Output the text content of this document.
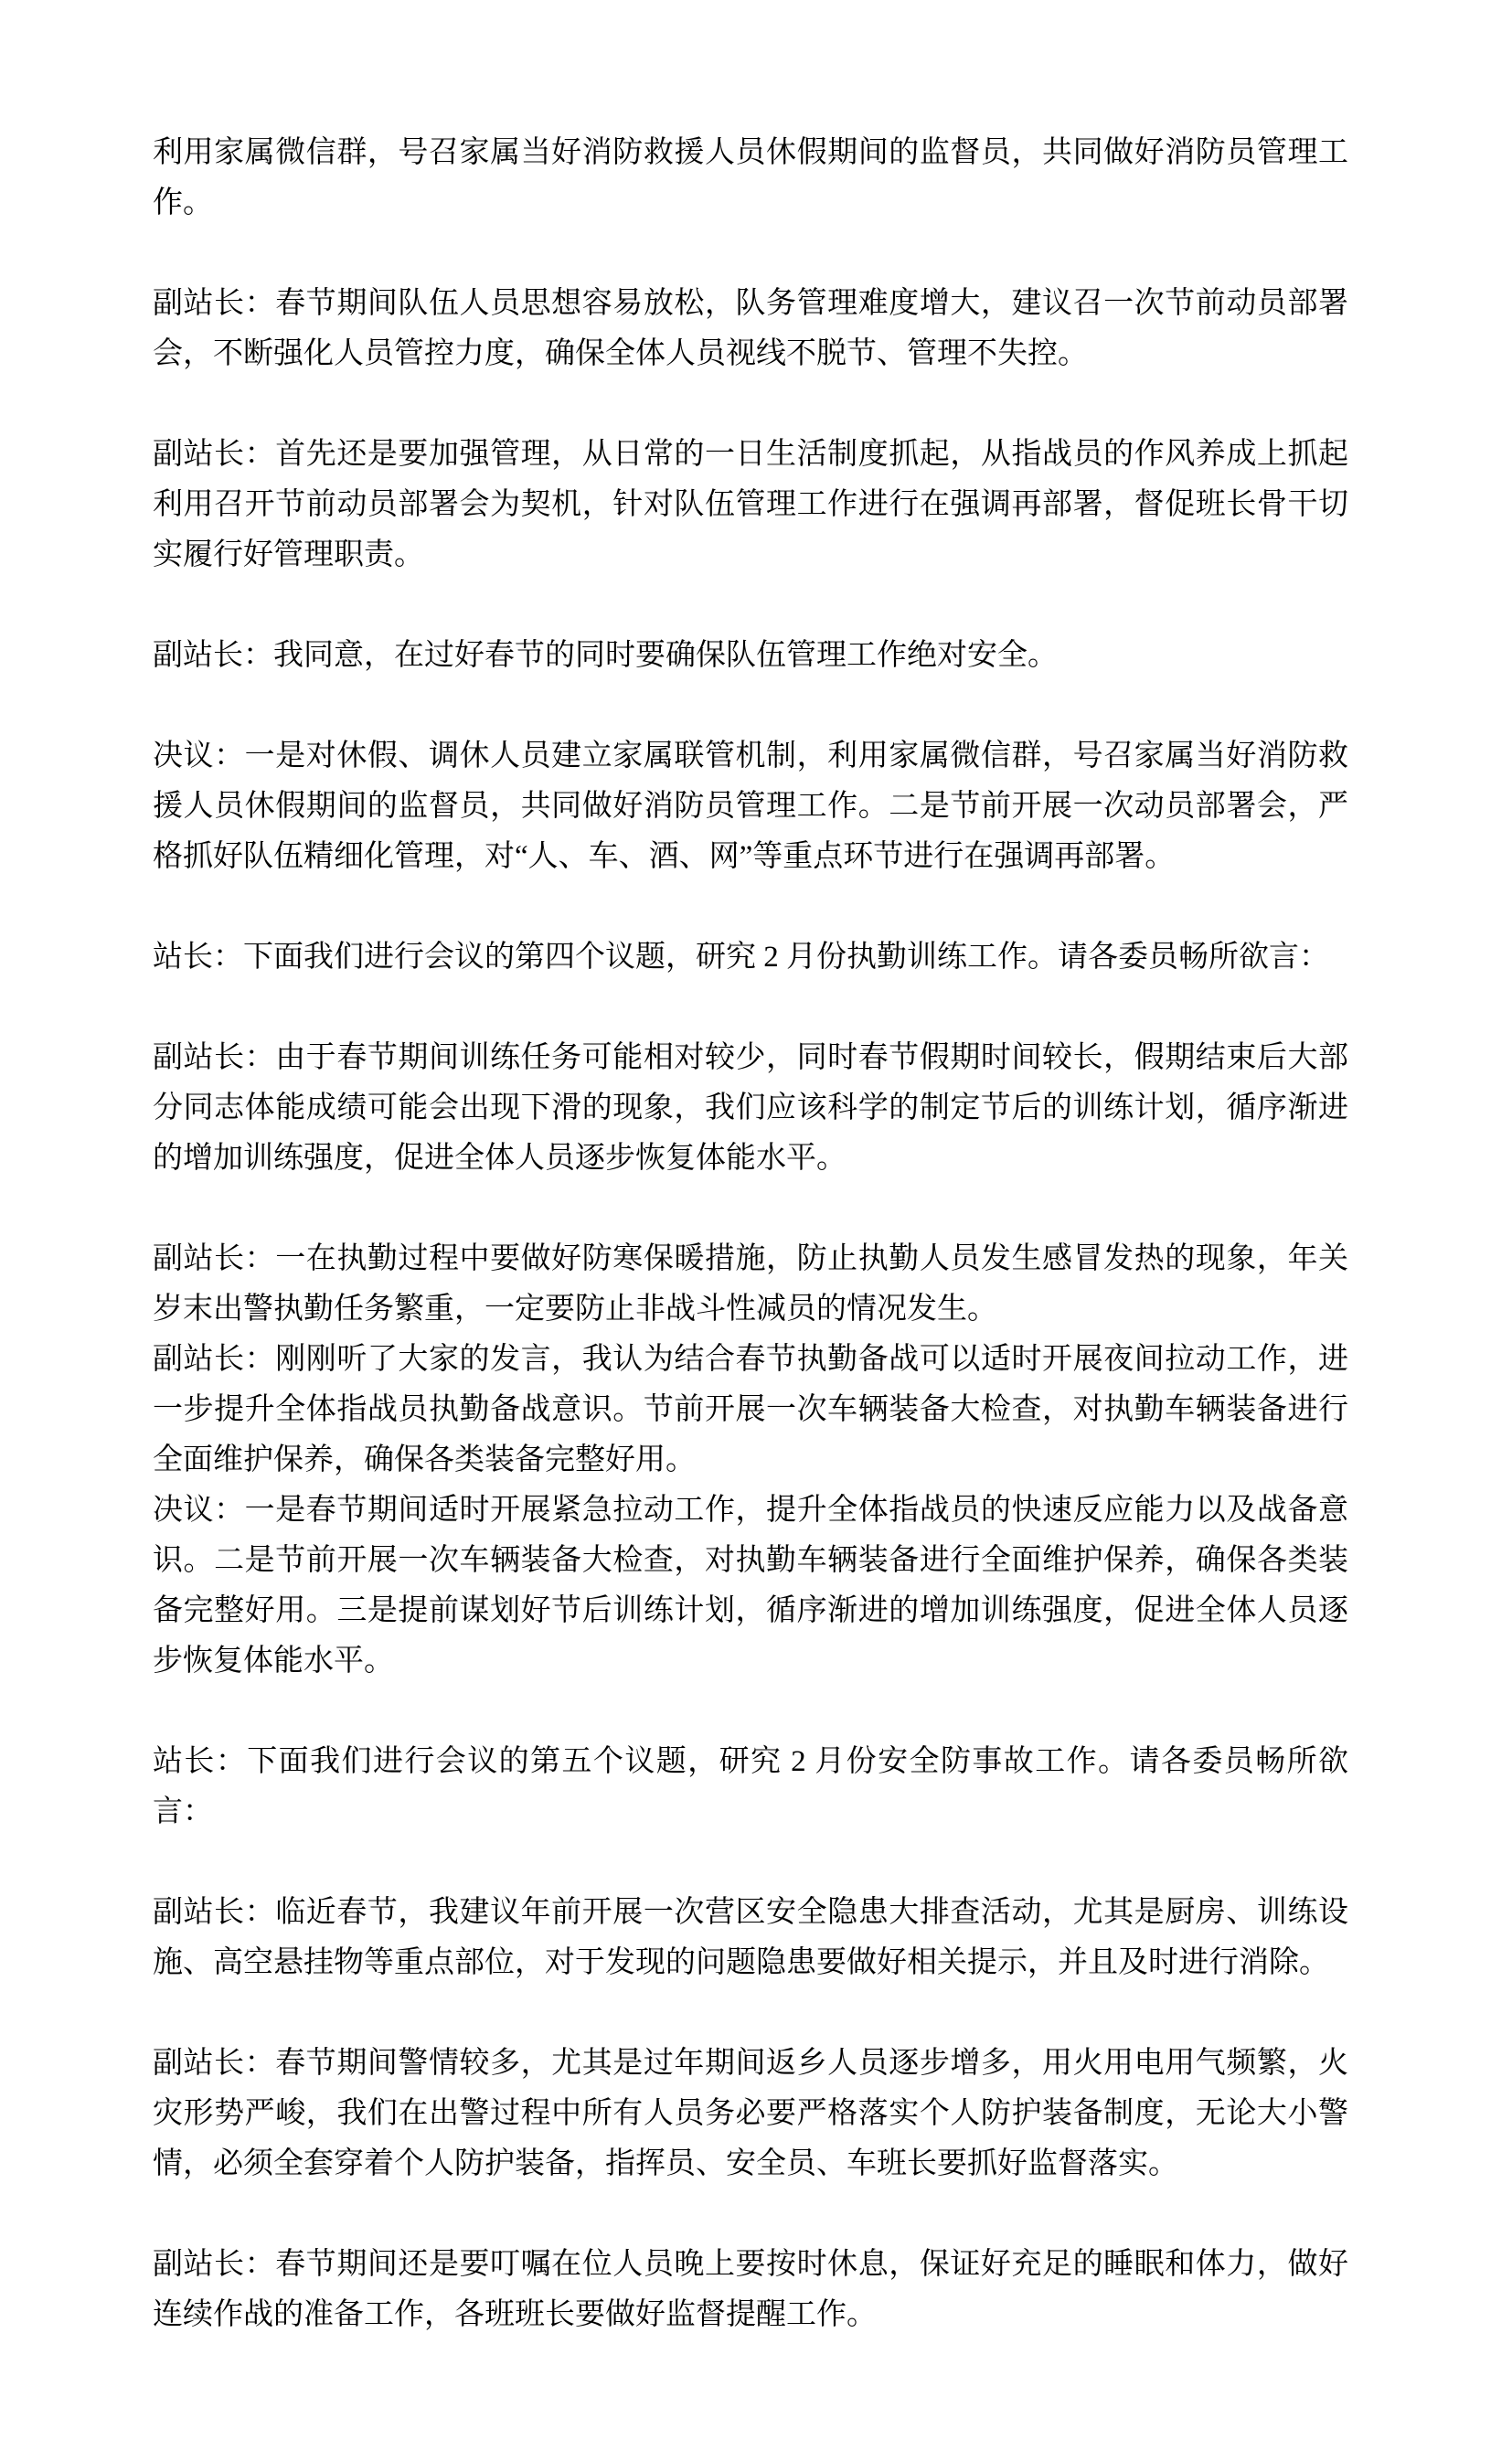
利用家属微信群，号召家属当好消防救援人员休假期间的监督员，共同做好消防员管理工作。

副站长：春节期间队伍人员思想容易放松，队务管理难度增大，建议召一次节前动员部署会，不断强化人员管控力度，确保全体人员视线不脱节、管理不失控。

副站长：首先还是要加强管理，从日常的一日生活制度抓起，从指战员的作风养成上抓起利用召开节前动员部署会为契机，针对队伍管理工作进行在强调再部署，督促班长骨干切实履行好管理职责。

副站长：我同意，在过好春节的同时要确保队伍管理工作绝对安全。

决议：一是对休假、调休人员建立家属联管机制，利用家属微信群，号召家属当好消防救援人员休假期间的监督员，共同做好消防员管理工作。二是节前开展一次动员部署会，严格抓好队伍精细化管理，对“人、车、酒、网”等重点环节进行在强调再部署。

站长：下面我们进行会议的第四个议题，研究 2 月份执勤训练工作。请各委员畅所欲言：

副站长：由于春节期间训练任务可能相对较少，同时春节假期时间较长，假期结束后大部分同志体能成绩可能会出现下滑的现象，我们应该科学的制定节后的训练计划，循序渐进的增加训练强度，促进全体人员逐步恢复体能水平。

副站长：一在执勤过程中要做好防寒保暖措施，防止执勤人员发生感冒发热的现象，年关岁末出警执勤任务繁重，一定要防止非战斗性减员的情况发生。

副站长：刚刚听了大家的发言，我认为结合春节执勤备战可以适时开展夜间拉动工作，进一步提升全体指战员执勤备战意识。节前开展一次车辆装备大检查，对执勤车辆装备进行全面维护保养，确保各类装备完整好用。

决议：一是春节期间适时开展紧急拉动工作，提升全体指战员的快速反应能力以及战备意识。二是节前开展一次车辆装备大检查，对执勤车辆装备进行全面维护保养，确保各类装备完整好用。三是提前谋划好节后训练计划，循序渐进的增加训练强度，促进全体人员逐步恢复体能水平。

站长：下面我们进行会议的第五个议题，研究 2 月份安全防事故工作。请各委员畅所欲言：

副站长：临近春节，我建议年前开展一次营区安全隐患大排查活动，尤其是厨房、训练设施、高空悬挂物等重点部位，对于发现的问题隐患要做好相关提示，并且及时进行消除。

副站长：春节期间警情较多，尤其是过年期间返乡人员逐步增多，用火用电用气频繁，火灾形势严峻，我们在出警过程中所有人员务必要严格落实个人防护装备制度，无论大小警情，必须全套穿着个人防护装备，指挥员、安全员、车班长要抓好监督落实。

副站长：春节期间还是要叮嘱在位人员晚上要按时休息，保证好充足的睡眠和体力，做好连续作战的准备工作，各班班长要做好监督提醒工作。
